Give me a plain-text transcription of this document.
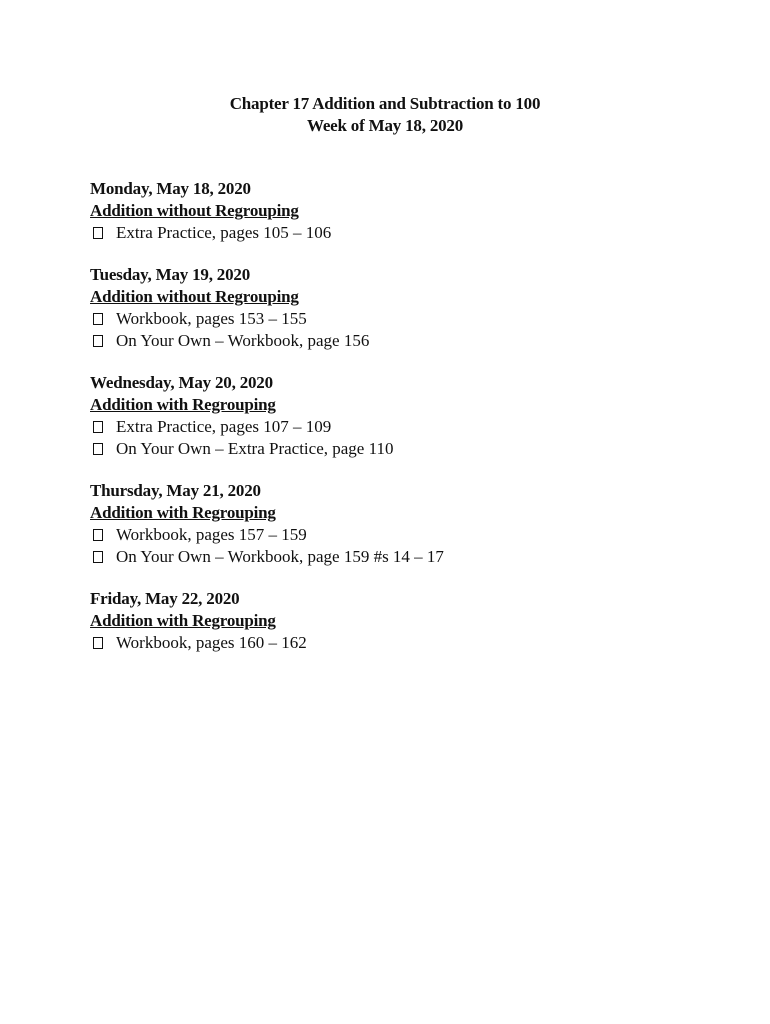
Chapter 17 Addition and Subtraction to 100
Week of May 18, 2020
Monday, May 18, 2020
Addition without Regrouping
Extra Practice, pages 105 – 106
Tuesday, May 19, 2020
Addition without Regrouping
Workbook, pages 153 – 155
On Your Own – Workbook, page 156
Wednesday, May 20, 2020
Addition with Regrouping
Extra Practice, pages 107 – 109
On Your Own – Extra Practice, page 110
Thursday, May 21, 2020
Addition with Regrouping
Workbook, pages 157 – 159
On Your Own – Workbook, page 159 #s 14 – 17
Friday, May 22, 2020
Addition with Regrouping
Workbook, pages 160 – 162
